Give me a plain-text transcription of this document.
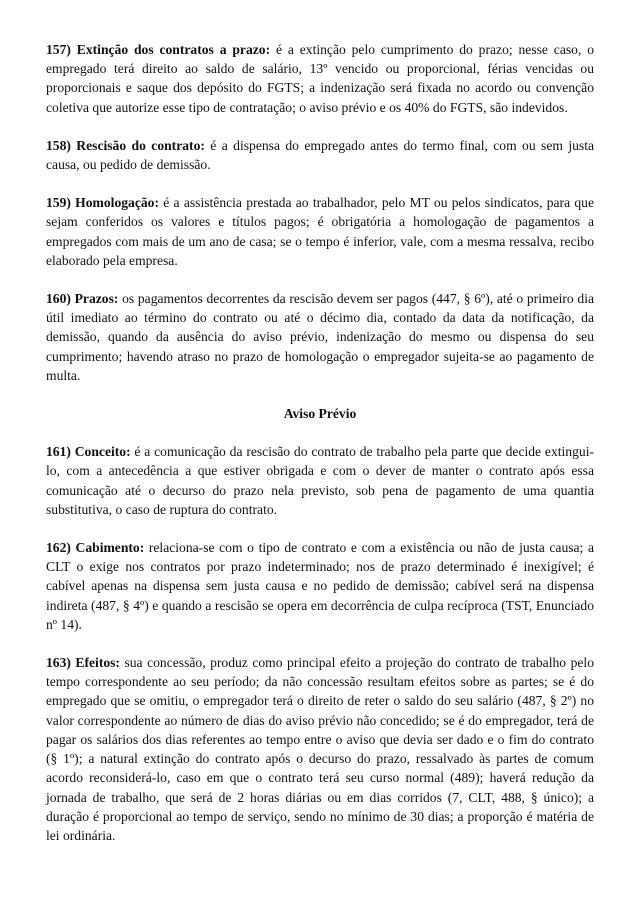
157) Extinção dos contratos a prazo: é a extinção pelo cumprimento do prazo; nesse caso, o empregado terá direito ao saldo de salário, 13º vencido ou proporcional, férias vencidas ou proporcionais e saque dos depósito do FGTS; a indenização será fixada no acordo ou convenção coletiva que autorize esse tipo de contratação; o aviso prévio e os 40% do FGTS, são indevidos.

158) Rescisão do contrato: é a dispensa do empregado antes do termo final, com ou sem justa causa, ou pedido de demissão.

159) Homologação: é a assistência prestada ao trabalhador, pelo MT ou pelos sindicatos, para que sejam conferidos os valores e títulos pagos; é obrigatória a homologação de pagamentos a empregados com mais de um ano de casa; se o tempo é inferior, vale, com a mesma ressalva, recibo elaborado pela empresa.

160) Prazos: os pagamentos decorrentes da rescisão devem ser pagos (447, § 6º), até o primeiro dia útil imediato ao término do contrato ou até o décimo dia, contado da data da notificação, da demissão, quando da ausência do aviso prévio, indenização do mesmo ou dispensa do seu cumprimento; havendo atraso no prazo de homologação o empregador sujeita-se ao pagamento de multa.

Aviso Prévio

161) Conceito: é a comunicação da rescisão do contrato de trabalho pela parte que decide extingui-lo, com a antecedência a que estiver obrigada e com o dever de manter o contrato após essa comunicação até o decurso do prazo nela previsto, sob pena de pagamento de uma quantia substitutiva, o caso de ruptura do contrato.

162) Cabimento: relaciona-se com o tipo de contrato e com a existência ou não de justa causa; a CLT o exige nos contratos por prazo indeterminado; nos de prazo determinado é inexigível; é cabível apenas na dispensa sem justa causa e no pedido de demissão; cabível será na dispensa indireta (487, § 4º) e quando a rescisão se opera em decorrência de culpa recíproca (TST, Enunciado nº 14).

163) Efeitos: sua concessão, produz como principal efeito a projeção do contrato de trabalho pelo tempo correspondente ao seu período; da não concessão resultam efeitos sobre as partes; se é do empregado que se omitiu, o empregador terá o direito de reter o saldo do seu salário (487, § 2º) no valor correspondente ao número de dias do aviso prévio não concedido; se é do empregador, terá de pagar os salários dos dias referentes ao tempo entre o aviso que devia ser dado e o fim do contrato (§ 1º); a natural extinção do contrato após o decurso do prazo, ressalvado às partes de comum acordo reconsiderá-lo, caso em que o contrato terá seu curso normal (489); haverá redução da jornada de trabalho, que será de 2 horas diárias ou em dias corridos (7, CLT, 488, § único); a duração é proporcional ao tempo de serviço, sendo no mínimo de 30 dias; a proporção é matéria de lei ordinária.
